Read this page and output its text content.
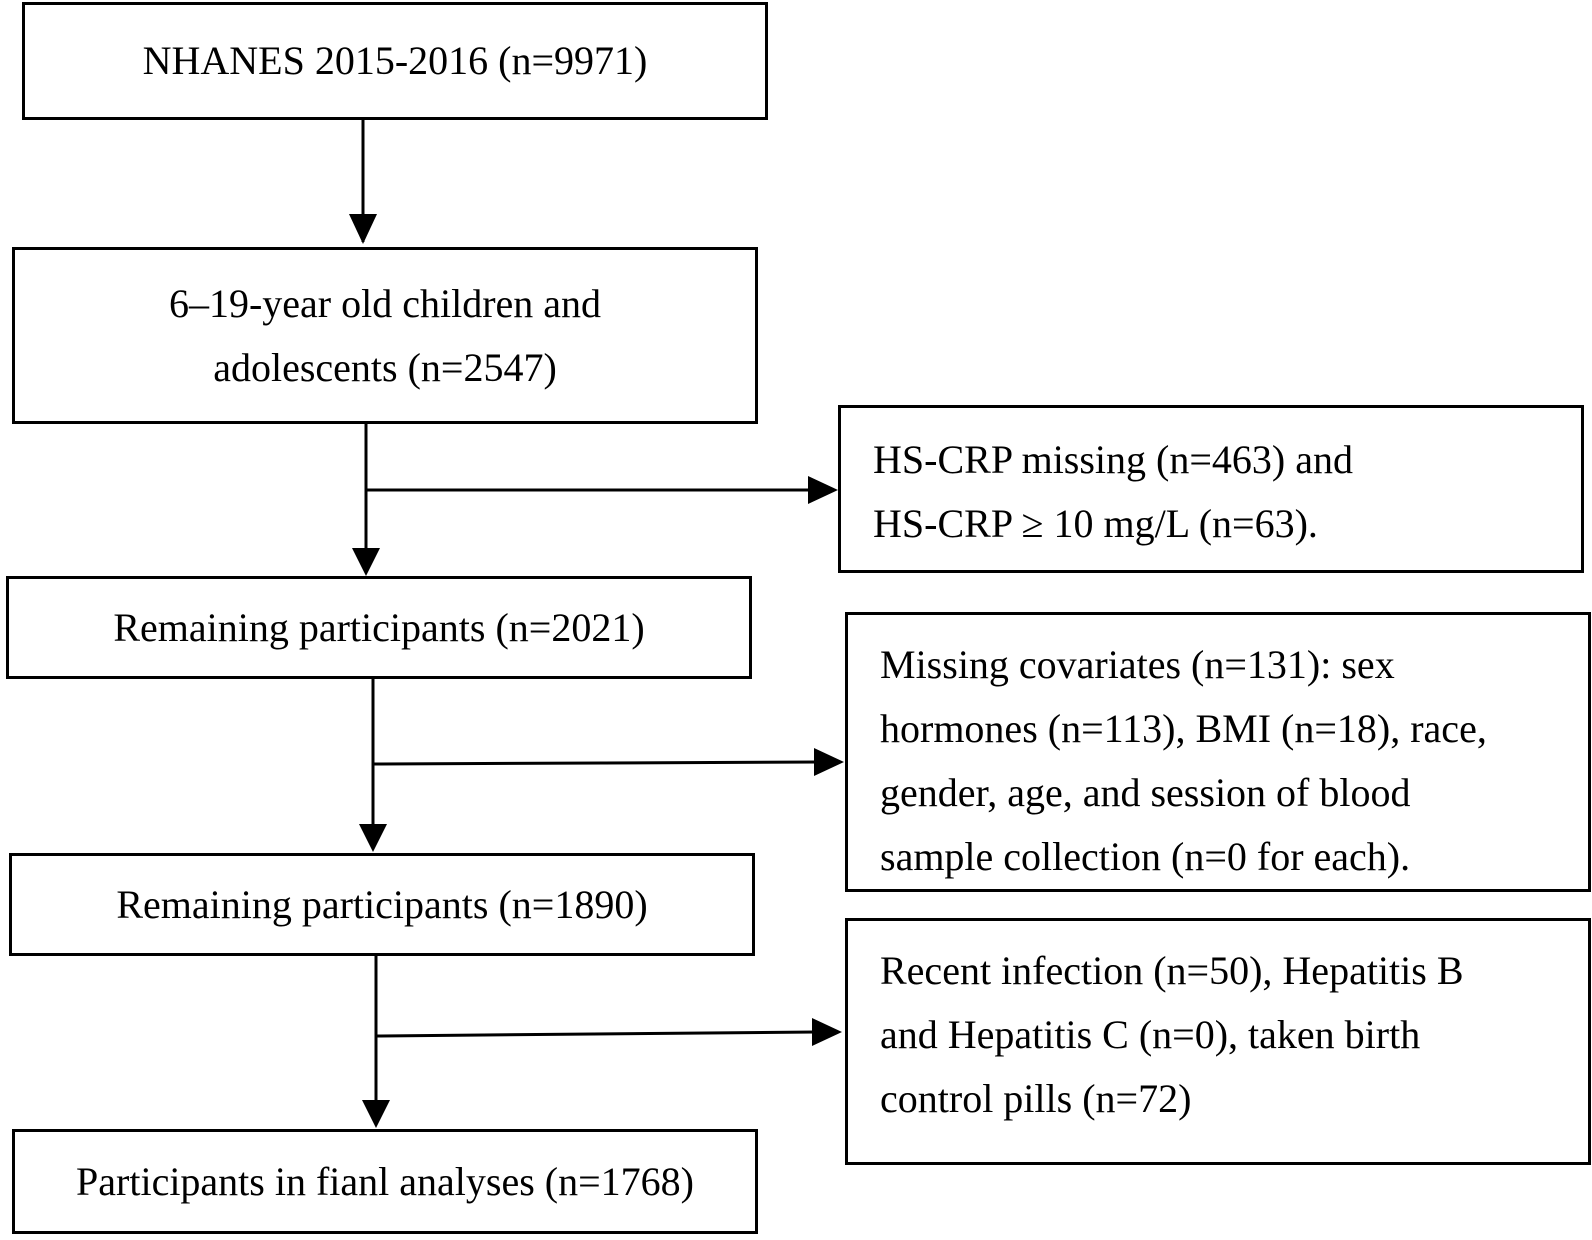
NHANES 2015-2016 (n=9971)
6–19-year old children and
adolescents (n=2547)
Remaining participants (n=2021)
Remaining participants (n=1890)
Participants in fianl analyses (n=1768)
HS-CRP missing (n=463) and
HS-CRP ≥ 10 mg/L (n=63).
Missing covariates (n=131): sex
hormones (n=113), BMI (n=18), race,
gender, age, and session of blood
sample collection (n=0 for each).
Recent infection (n=50), Hepatitis B
and Hepatitis C (n=0), taken birth
control pills (n=72)
